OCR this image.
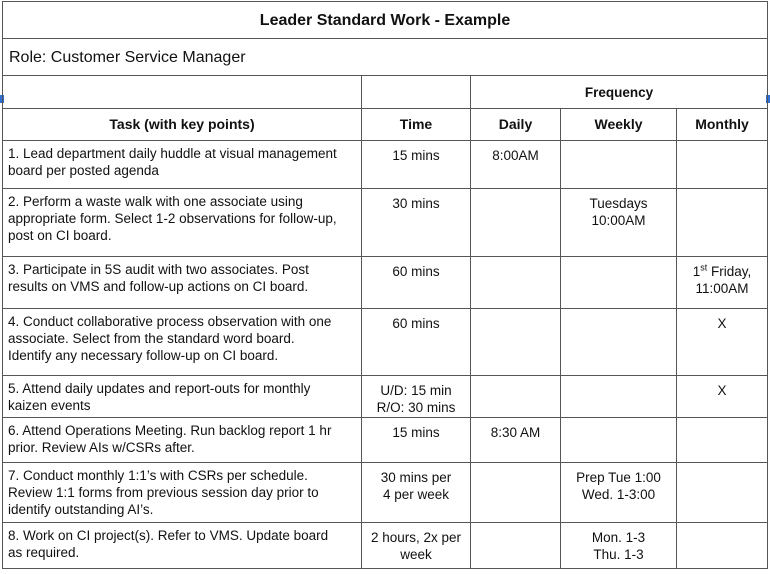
Leader Standard Work - Example				
Role: Customer Service Manager				
		Frequency		
Task (with key points)	Time	Daily	Weekly	Monthly
1. Lead department daily huddle at visual management
board per posted agenda	15 mins	8:00AM		
2. Perform a waste walk with one associate using
appropriate form. Select 1-2 observations for follow-up,
post on CI board.	30 mins		Tuesdays
10:00AM	
3. Participate in 5S audit with two associates. Post
results on VMS and follow-up actions on CI board.	60 mins			1st Friday,
11:00AM
4. Conduct collaborative process observation with one
associate. Select from the standard word board.
Identify any necessary follow-up on CI board.	60 mins			X
5. Attend daily updates and report-outs for monthly
kaizen events	U/D: 15 min
R/O: 30 mins			X
6. Attend Operations Meeting. Run backlog report 1 hr
prior. Review AIs w/CSRs after.	15 mins	8:30 AM		
7. Conduct monthly 1:1’s with CSRs per schedule.
Review 1:1 forms from previous session day prior to
identify outstanding AI’s.	30 mins per
4 per week		Prep Tue 1:00
Wed. 1-3:00	
8. Work on CI project(s). Refer to VMS. Update board
as required.	2 hours, 2x per
week		Mon. 1-3
Thu. 1-3	
